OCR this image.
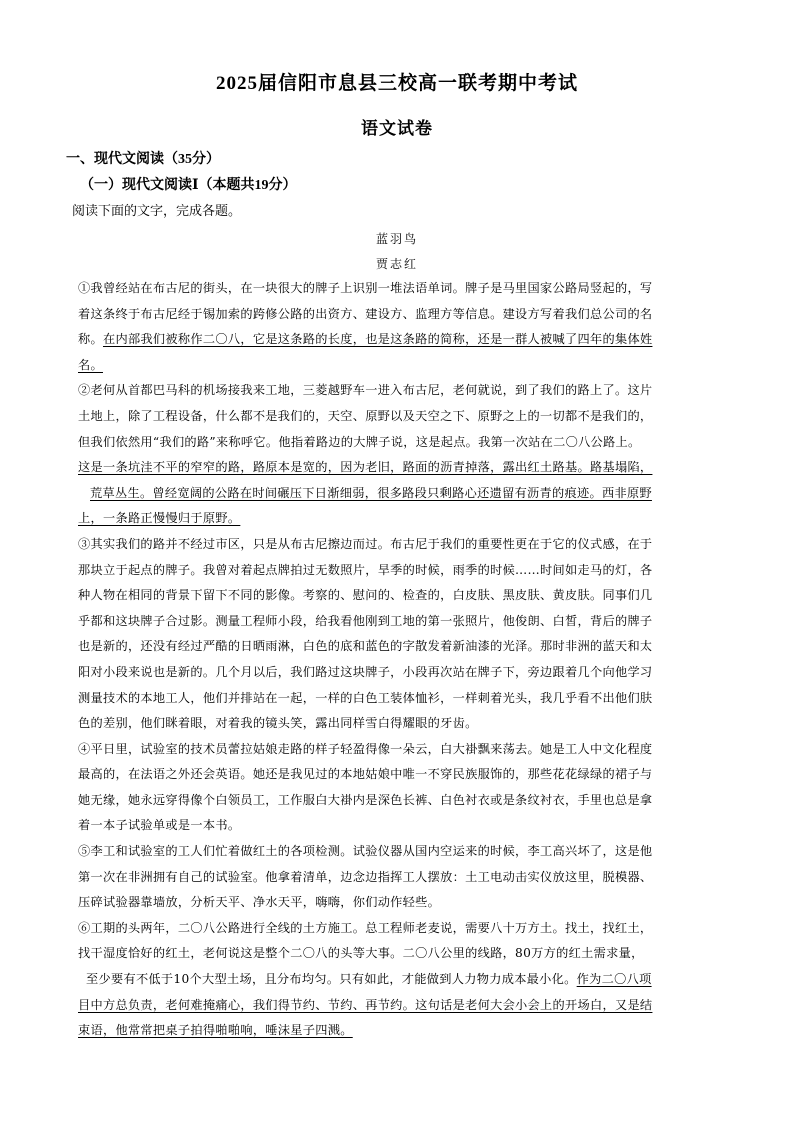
2025届信阳市息县三校高一联考期中考试
语文试卷
一、现代文阅读（35分）
（一）现代文阅读Ⅰ（本题共19分）
阅读下面的文字，完成各题。
蓝羽鸟
贾志红

①我曾经站在布古尼的街头，在一块很大的牌子上识别一堆法语单词。牌子是马里国家公路局竖起的，写

着这条终于布古尼经于锡加索的跨修公路的出资方、建设方、监理方等信息。建设方写着我们总公司的名

称。在内部我们被称作二〇八，它是这条路的长度，也是这条路的简称，还是一群人被喊了四年的集体姓

名。

②老何从首都巴马科的机场接我来工地，三菱越野车一进入布古尼，老何就说，到了我们的路上了。这片

土地上，除了工程设备，什么都不是我们的，天空、原野以及天空之下、原野之上的一切都不是我们的，

但我们依然用“我们的路”来称呼它。他指着路边的大牌子说，这是起点。我第一次站在二〇八公路上。

这是一条坑洼不平的窄窄的路，路原本是宽的，因为老旧，路面的沥青掉落，露出红土路基。路基塌陷，

荒草丛生。曾经宽阔的公路在时间碾压下日渐细弱，很多路段只剩路心还遗留有沥青的痕迹。西非原野

上，一条路正慢慢归于原野。

③其实我们的路并不经过市区，只是从布古尼擦边而过。布古尼于我们的重要性更在于它的仪式感，在于

那块立于起点的牌子。我曾对着起点牌拍过无数照片，旱季的时候，雨季的时候……时间如走马的灯，各

种人物在相同的背景下留下不同的影像。考察的、慰问的、检查的，白皮肤、黑皮肤、黄皮肤。同事们几

乎都和这块牌子合过影。测量工程师小段，给我看他刚到工地的第一张照片，他俊朗、白皙，背后的牌子

也是新的，还没有经过严酷的日晒雨淋，白色的底和蓝色的字散发着新油漆的光泽。那时非洲的蓝天和太

阳对小段来说也是新的。几个月以后，我们路过这块牌子，小段再次站在牌子下，旁边跟着几个向他学习

测量技术的本地工人，他们并排站在一起，一样的白色工装体恤衫，一样刺着光头，我几乎看不出他们肤

色的差别，他们眯着眼，对着我的镜头笑，露出同样雪白得耀眼的牙齿。

④平日里，试验室的技术员蕾拉姑娘走路的样子轻盈得像一朵云，白大褂飘来荡去。她是工人中文化程度

最高的，在法语之外还会英语。她还是我见过的本地姑娘中唯一不穿民族服饰的，那些花花绿绿的裙子与

她无缘，她永远穿得像个白领员工，工作服白大褂内是深色长裤、白色衬衣或是条纹衬衣，手里也总是拿

着一本子试验单或是一本书。

⑤李工和试验室的工人们忙着做红土的各项检测。试验仪器从国内空运来的时候，李工高兴坏了，这是他

第一次在非洲拥有自己的试验室。他拿着清单，边念边指挥工人摆放：土工电动击实仪放这里，脱模器、

压碎试验器靠墙放，分析天平、净水天平，嗨嗨，你们动作轻些。

⑥工期的头两年，二〇八公路进行全线的土方施工。总工程师老麦说，需要八十万方土。找土，找红土，

找干湿度恰好的红土，老何说这是整个二〇八的头等大事。二〇八公里的线路，80万方的红土需求量，

至少要有不低于10个大型土场，且分布均匀。只有如此，才能做到人力物力成本最小化。作为二〇八项

目中方总负责，老何难掩痛心，我们得节约、节约、再节约。这句话是老何大会小会上的开场白，又是结

束语，他常常把桌子拍得啪啪响，唾沫星子四溅。
